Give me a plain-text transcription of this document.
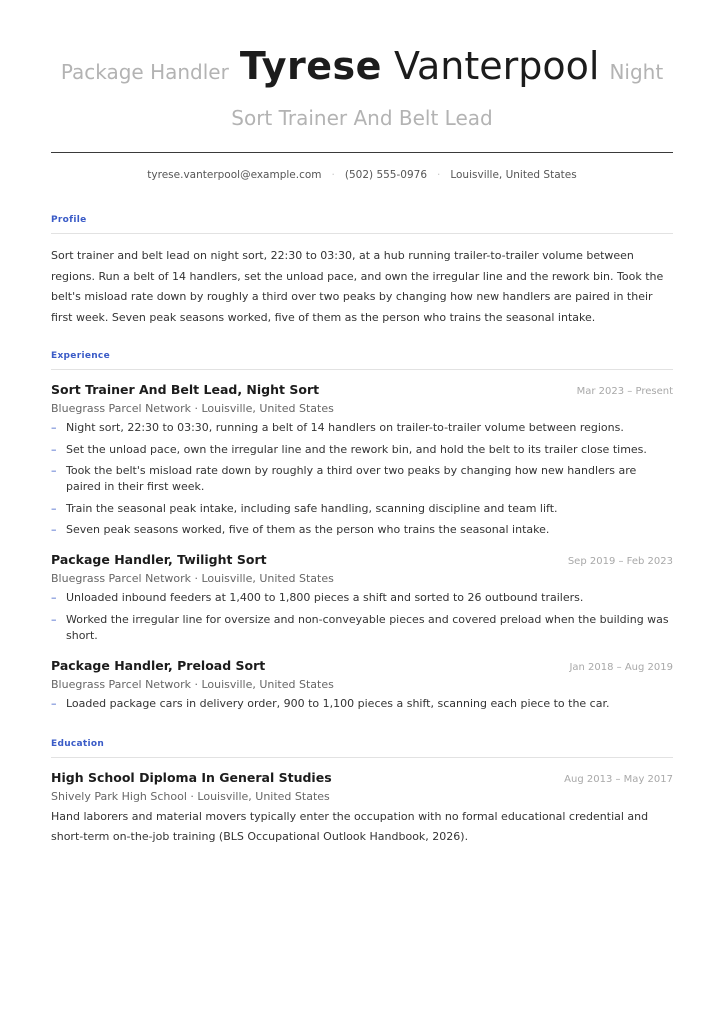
Package Handler Tyrese Vanterpool Night
Sort Trainer And Belt Lead
tyrese.vanterpool@example.com · (502) 555-0976 · Louisville, United States
Profile
Sort trainer and belt lead on night sort, 22:30 to 03:30, at a hub running trailer-to-trailer volume between regions. Run a belt of 14 handlers, set the unload pace, and own the irregular line and the rework bin. Took the belt's misload rate down by roughly a third over two peaks by changing how new handlers are paired in their first week. Seven peak seasons worked, five of them as the person who trains the seasonal intake.
Experience
Sort Trainer And Belt Lead, Night Sort	Mar 2023 – Present
Bluegrass Parcel Network · Louisville, United States
– Night sort, 22:30 to 03:30, running a belt of 14 handlers on trailer-to-trailer volume between regions.
– Set the unload pace, own the irregular line and the rework bin, and hold the belt to its trailer close times.
– Took the belt's misload rate down by roughly a third over two peaks by changing how new handlers are paired in their first week.
– Train the seasonal peak intake, including safe handling, scanning discipline and team lift.
– Seven peak seasons worked, five of them as the person who trains the seasonal intake.
Package Handler, Twilight Sort	Sep 2019 – Feb 2023
Bluegrass Parcel Network · Louisville, United States
– Unloaded inbound feeders at 1,400 to 1,800 pieces a shift and sorted to 26 outbound trailers.
– Worked the irregular line for oversize and non-conveyable pieces and covered preload when the building was short.
Package Handler, Preload Sort	Jan 2018 – Aug 2019
Bluegrass Parcel Network · Louisville, United States
– Loaded package cars in delivery order, 900 to 1,100 pieces a shift, scanning each piece to the car.
Education
High School Diploma In General Studies	Aug 2013 – May 2017
Shively Park High School · Louisville, United States
Hand laborers and material movers typically enter the occupation with no formal educational credential and short-term on-the-job training (BLS Occupational Outlook Handbook, 2026).
